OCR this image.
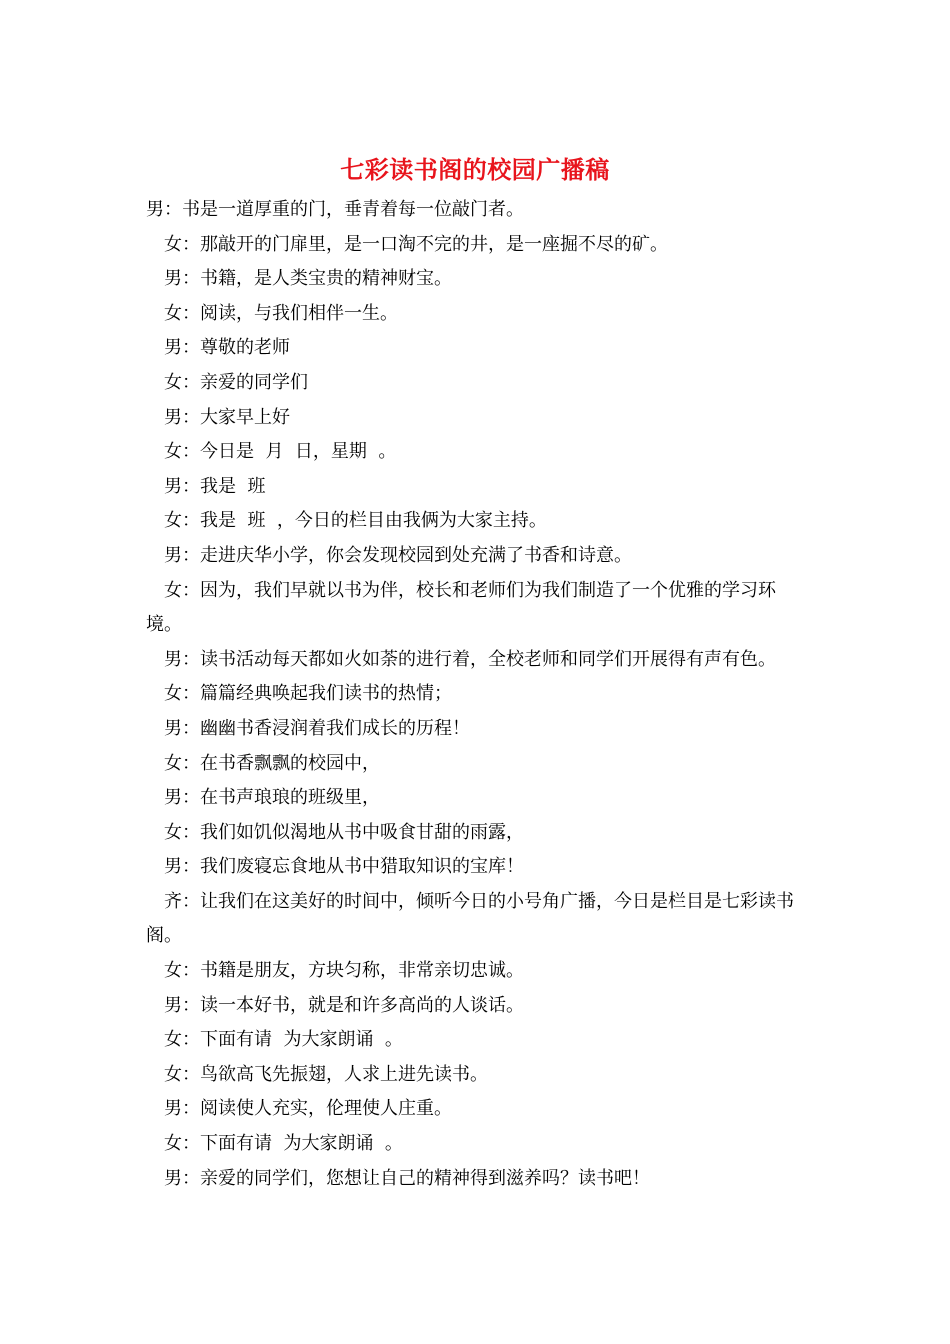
七彩读书阁的校园广播稿

男：书是一道厚重的门，垂青着每一位敲门者。

女：那敲开的门扉里，是一口淘不完的井，是一座掘不尽的矿。

男：书籍，是人类宝贵的精神财宝。

女：阅读，与我们相伴一生。

男：尊敬的老师

女：亲爱的同学们

男：大家早上好

女：今日是  月  日，星期  。

男：我是  班

女：我是  班  ，今日的栏目由我俩为大家主持。

男：走进庆华小学，你会发现校园到处充满了书香和诗意。

女：因为，我们早就以书为伴，校长和老师们为我们制造了一个优雅的学习环境。

男：读书活动每天都如火如荼的进行着，全校老师和同学们开展得有声有色。

女：篇篇经典唤起我们读书的热情；

男：幽幽书香浸润着我们成长的历程！

女：在书香飘飘的校园中，

男：在书声琅琅的班级里，

女：我们如饥似渴地从书中吸食甘甜的雨露，

男：我们废寝忘食地从书中猎取知识的宝库！

齐：让我们在这美好的时间中，倾听今日的小号角广播，今日是栏目是七彩读书阁。

女：书籍是朋友，方块匀称，非常亲切忠诚。

男：读一本好书，就是和许多高尚的人谈话。

女：下面有请  为大家朗诵  。

女：鸟欲高飞先振翅，人求上进先读书。

男：阅读使人充实，伦理使人庄重。

女：下面有请  为大家朗诵  。

男：亲爱的同学们，您想让自己的精神得到滋养吗？读书吧！
